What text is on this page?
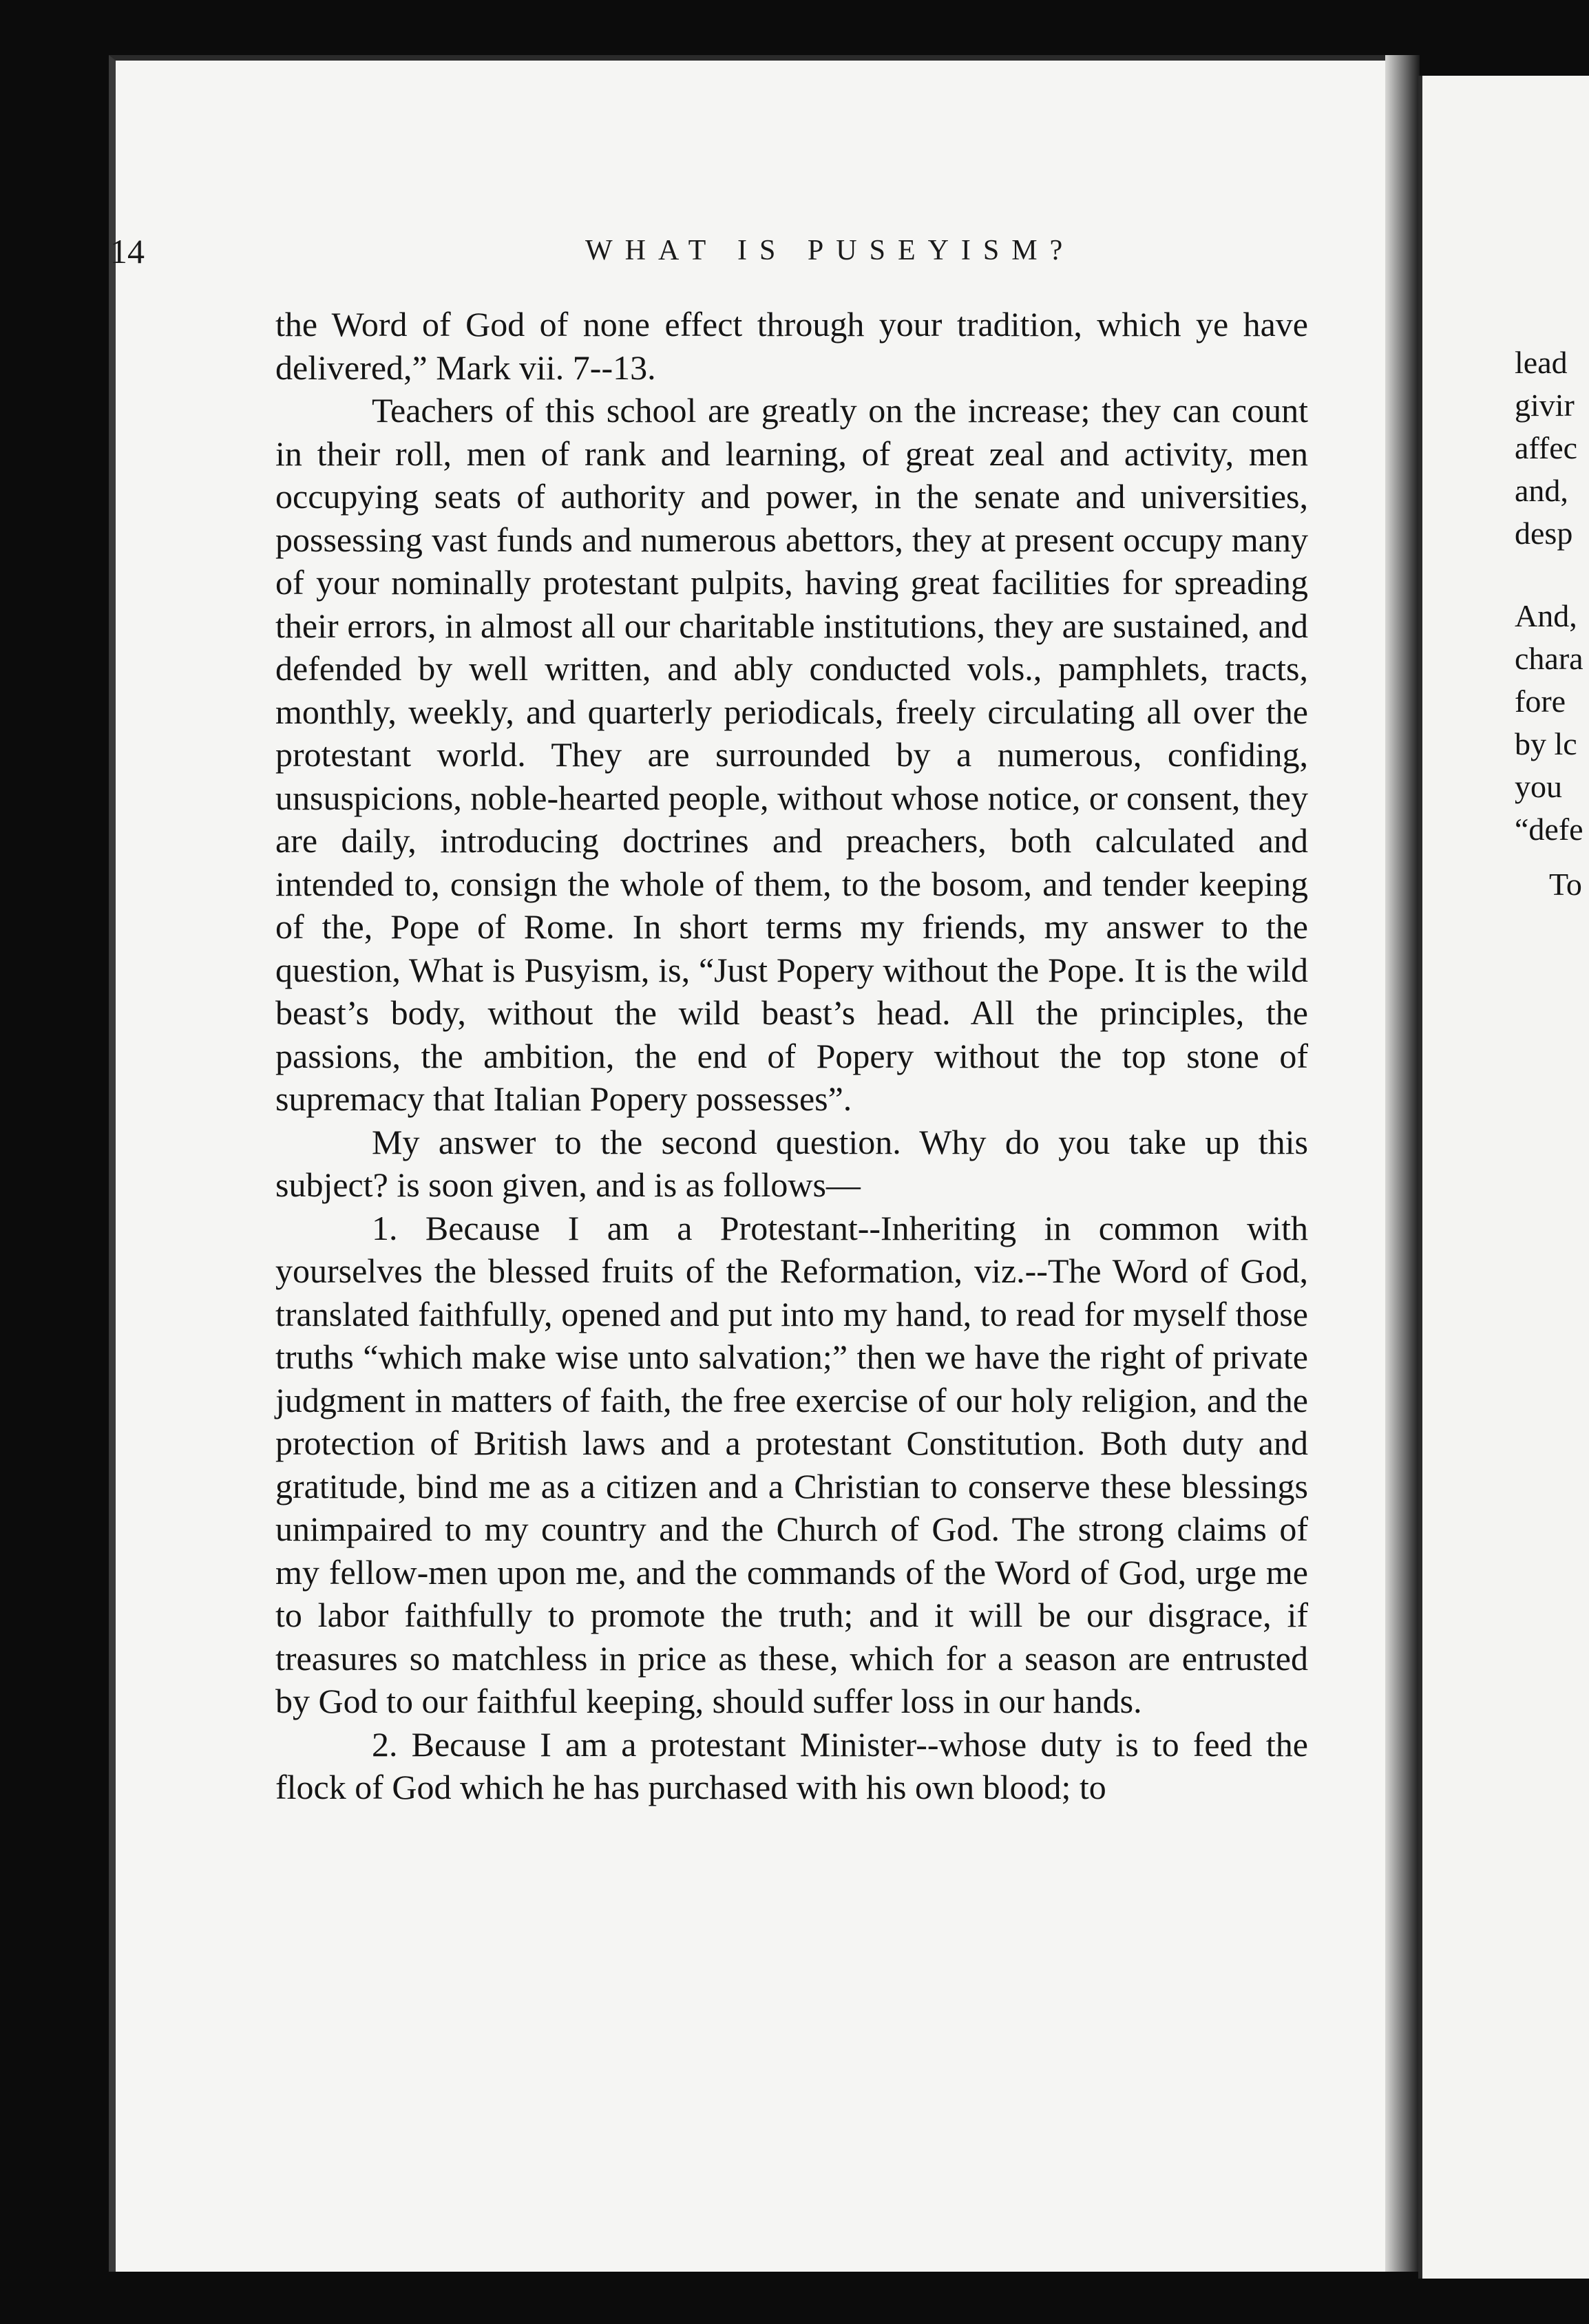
14	WHAT IS PUSEYISM?

the Word of God of none effect through your tradition, which ye have delivered,” Mark vii. 7--13.

Teachers of this school are greatly on the increase; they can count in their roll, men of rank and learning, of great zeal and activity, men occupying seats of authority and power, in the senate and universities, possessing vast funds and numerous abettors, they at present occupy many of your nominally protestant pulpits, having great facilities for spreading their errors, in almost all our charitable institutions, they are sustained, and defended by well written, and ably conducted vols., pamphlets, tracts, monthly, weekly, and quarterly periodicals, freely circulating all over the protestant world. They are surrounded by a numerous, confiding, unsuspicions, noble-hearted people, without whose notice, or consent, they are daily, introducing doctrines and preachers, both calculated and intended to, consign the whole of them, to the bosom, and tender keeping of the, Pope of Rome. In short terms my friends, my answer to the question, What is Pusyism, is, “Just Popery without the Pope. It is the wild beast’s body, without the wild beast’s head. All the principles, the passions, the ambition, the end of Popery without the top stone of supremacy that Italian Popery possesses”.

My answer to the second question. Why do you take up this subject? is soon given, and is as follows—

1. Because I am a Protestant--Inheriting in common with yourselves the blessed fruits of the Reformation, viz.--The Word of God, translated faithfully, opened and put into my hand, to read for myself those truths “which make wise unto salvation;” then we have the right of private judgment in matters of faith, the free exercise of our holy religion, and the protection of British laws and a protestant Constitution. Both duty and gratitude, bind me as a citizen and a Christian to conserve these blessings unimpaired to my country and the Church of God. The strong claims of my fellow-men upon me, and the commands of the Word of God, urge me to labor faithfully to promote the truth; and it will be our disgrace, if treasures so matchless in price as these, which for a season are entrusted by God to our faithful keeping, should suffer loss in our hands.

2. Because I am a protestant Minister--whose duty is to feed the flock of God which he has purchased with his own blood; to

lead
givir
affec
and,
desp
And,
chara
fore
by lc
you
“defe
To
